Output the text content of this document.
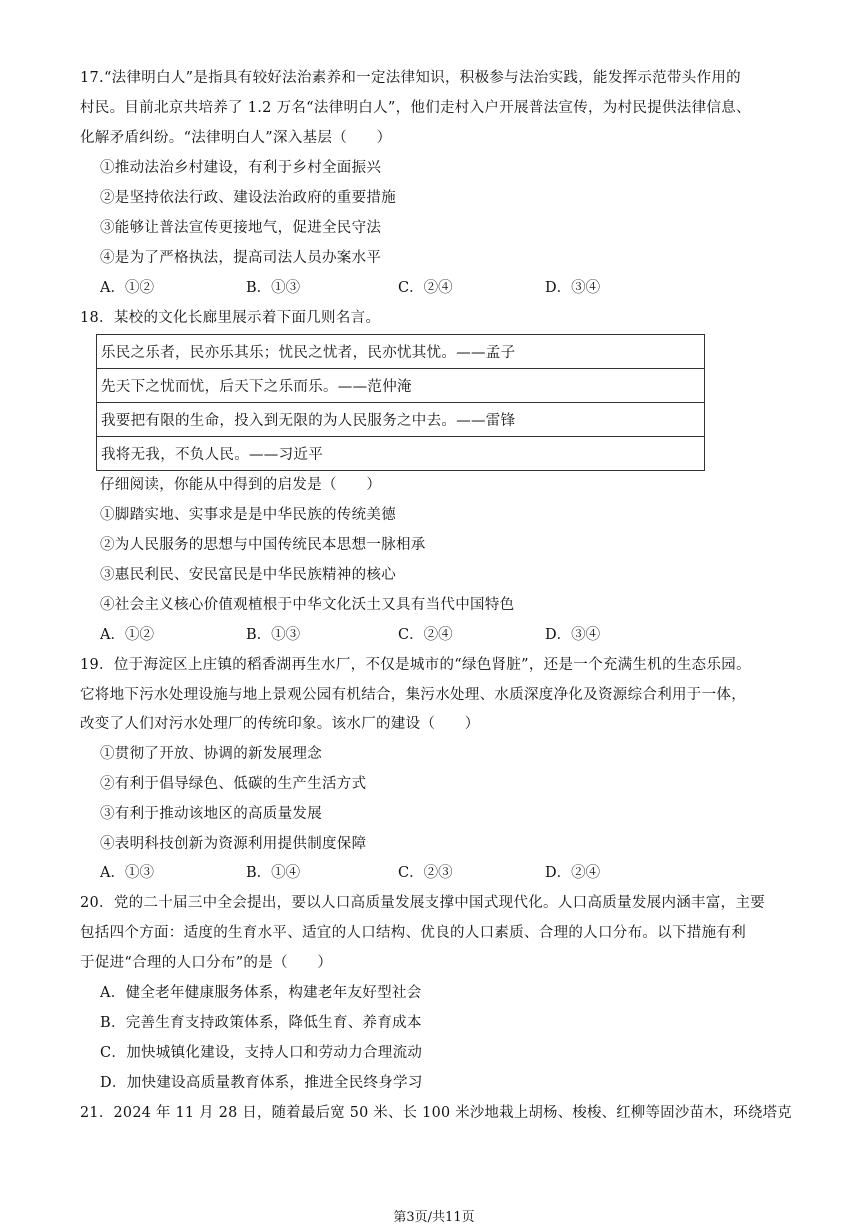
17.“法律明白人”是指具有较好法治素养和一定法律知识，积极参与法治实践，能发挥示范带头作用的
村民。目前北京共培养了 1.2 万名“法律明白人”，他们走村入户开展普法宣传，为村民提供法律信息、
化解矛盾纠纷。“法律明白人”深入基层（　　）
①推动法治乡村建设，有利于乡村全面振兴
②是坚持依法行政、建设法治政府的重要措施
③能够让普法宣传更接地气，促进全民守法
④是为了严格执法，提高司法人员办案水平
A．①②	B．①③	C．②④	D．③④
18．某校的文化长廊里展示着下面几则名言。
乐民之乐者，民亦乐其乐；忧民之忧者，民亦忧其忧。——孟子
先天下之忧而忧，后天下之乐而乐。——范仲淹
我要把有限的生命，投入到无限的为人民服务之中去。——雷锋
我将无我，不负人民。——习近平
仔细阅读，你能从中得到的启发是（　　）
①脚踏实地、实事求是是中华民族的传统美德
②为人民服务的思想与中国传统民本思想一脉相承
③惠民利民、安民富民是中华民族精神的核心
④社会主义核心价值观植根于中华文化沃土又具有当代中国特色
A．①②	B．①③	C．②④	D．③④
19．位于海淀区上庄镇的稻香湖再生水厂，不仅是城市的“绿色肾脏”，还是一个充满生机的生态乐园。
它将地下污水处理设施与地上景观公园有机结合，集污水处理、水质深度净化及资源综合利用于一体，
改变了人们对污水处理厂的传统印象。该水厂的建设（　　）
①贯彻了开放、协调的新发展理念
②有利于倡导绿色、低碳的生产生活方式
③有利于推动该地区的高质量发展
④表明科技创新为资源利用提供制度保障
A．①③	B．①④	C．②③	D．②④
20．党的二十届三中全会提出，要以人口高质量发展支撑中国式现代化。人口高质量发展内涵丰富，主要
包括四个方面：适度的生育水平、适宜的人口结构、优良的人口素质、合理的人口分布。以下措施有利
于促进“合理的人口分布”的是（　　）
A．健全老年健康服务体系，构建老年友好型社会
B．完善生育支持政策体系，降低生育、养育成本
C．加快城镇化建设，支持人口和劳动力合理流动
D．加快建设高质量教育体系，推进全民终身学习
21．2024 年 11 月 28 日，随着最后宽 50 米、长 100 米沙地栽上胡杨、梭梭、红柳等固沙苗木，环绕塔克
第3页/共11页
